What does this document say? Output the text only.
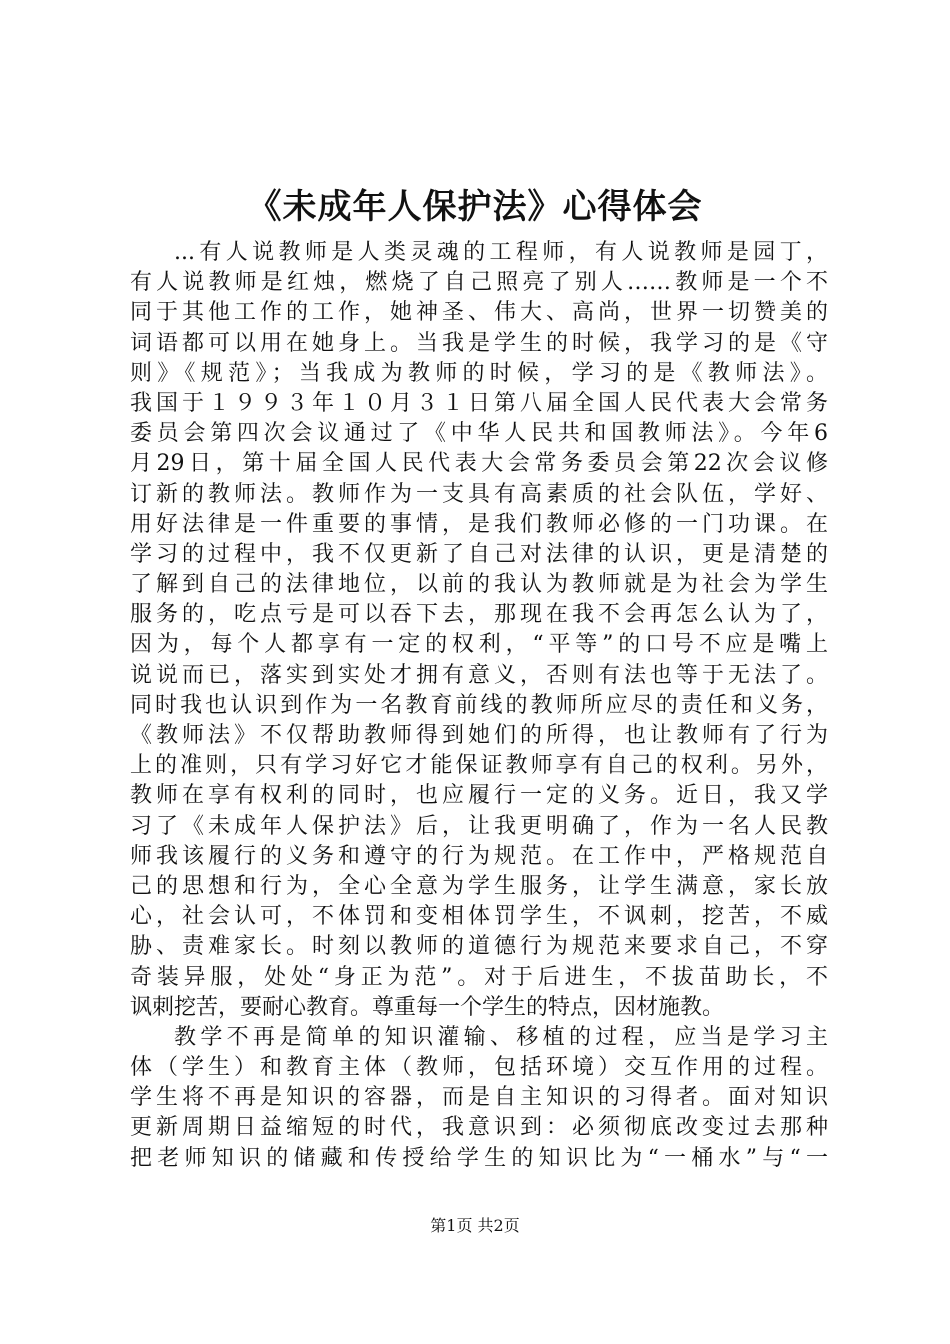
《未成年人保护法》心得体会
...有人说教师是人类灵魂的工程师，有人说教师是园丁，
有人说教师是红烛，燃烧了自己照亮了别人……教师是一个不
同于其他工作的工作，她神圣、伟大、高尚，世界一切赞美的
词语都可以用在她身上。当我是学生的时候，我学习的是《守
则》《规范》；当我成为教师的时候，学习的是《教师法》。
我国于１９９３年１０月３１日第八届全国人民代表大会常务
委员会第四次会议通过了《中华人民共和国教师法》。今年6
月29日，第十届全国人民代表大会常务委员会第22次会议修
订新的教师法。教师作为一支具有高素质的社会队伍，学好、
用好法律是一件重要的事情，是我们教师必修的一门功课。在
学习的过程中，我不仅更新了自己对法律的认识，更是清楚的
了解到自己的法律地位，以前的我认为教师就是为社会为学生
服务的，吃点亏是可以吞下去，那现在我不会再怎么认为了，
因为，每个人都享有一定的权利，“平等”的口号不应是嘴上
说说而已，落实到实处才拥有意义，否则有法也等于无法了。
同时我也认识到作为一名教育前线的教师所应尽的责任和义务，
《教师法》不仅帮助教师得到她们的所得，也让教师有了行为
上的准则，只有学习好它才能保证教师享有自己的权利。另外，
教师在享有权利的同时，也应履行一定的义务。近日，我又学
习了《未成年人保护法》后，让我更明确了，作为一名人民教
师我该履行的义务和遵守的行为规范。在工作中，严格规范自
己的思想和行为，全心全意为学生服务，让学生满意，家长放
心，社会认可，不体罚和变相体罚学生，不讽刺，挖苦，不威
胁、责难家长。时刻以教师的道德行为规范来要求自己，不穿
奇装异服，处处“身正为范”。对于后进生，不拔苗助长，不
讽刺挖苦，要耐心教育。尊重每一个学生的特点，因材施教。
教学不再是简单的知识灌输、移植的过程，应当是学习主
体（学生）和教育主体（教师，包括环境）交互作用的过程。
学生将不再是知识的容器，而是自主知识的习得者。面对知识
更新周期日益缩短的时代，我意识到：必须彻底改变过去那种
把老师知识的储藏和传授给学生的知识比为“一桶水”与“一
第1页 共2页
